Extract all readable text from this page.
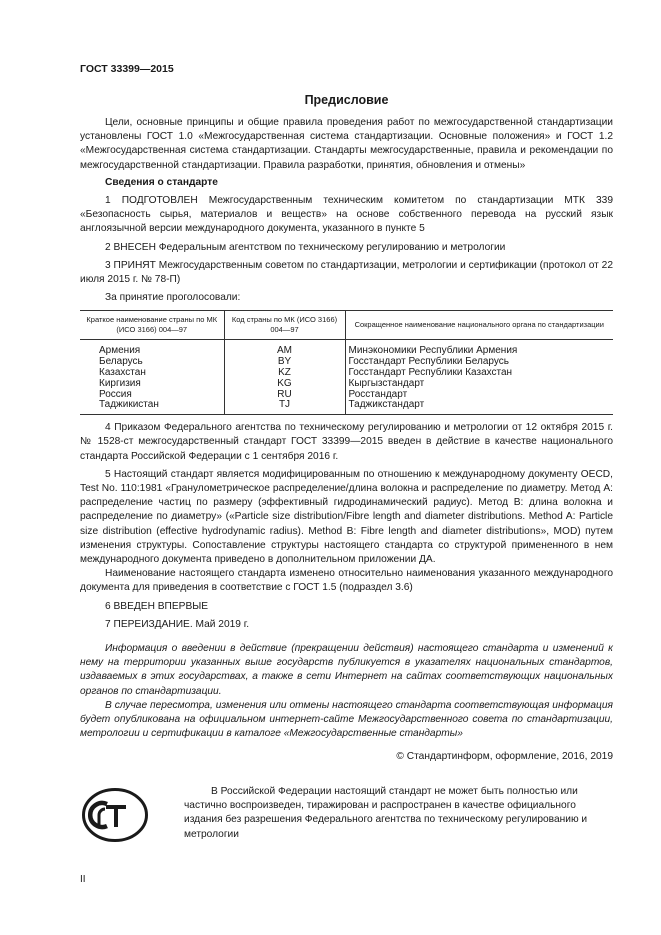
ГОСТ 33399—2015
Предисловие

Цели, основные принципы и общие правила проведения работ по межгосударственной стандартизации установлены ГОСТ 1.0 «Межгосударственная система стандартизации. Основные положения» и ГОСТ 1.2 «Межгосударственная система стандартизации. Стандарты межгосударственные, правила и рекомендации по межгосударственной стандартизации. Правила разработки, принятия, обновления и отмены»

Сведения о стандарте

1 ПОДГОТОВЛЕН Межгосударственным техническим комитетом по стандартизации МТК 339 «Безопасность сырья, материалов и веществ» на основе собственного перевода на русский язык англоязычной версии международного документа, указанного в пункте 5

2 ВНЕСЕН Федеральным агентством по техническому регулированию и метрологии

3 ПРИНЯТ Межгосударственным советом по стандартизации, метрологии и сертификации (протокол от 22 июля 2015 г. № 78-П)

За принятие проголосовали:

Краткое наименование страны по МК (ИСО 3166) 004—97	Код страны по МК (ИСО 3166) 004—97	Сокращенное наименование национального органа по стандартизации
Армения	AM	Минэкономики Республики Армения
Беларусь	BY	Госстандарт Республики Беларусь
Казахстан	KZ	Госстандарт Республики Казахстан
Киргизия	KG	Кыргызстандарт
Россия	RU	Росстандарт
Таджикистан	TJ	Таджикстандарт

4 Приказом Федерального агентства по техническому регулированию и метрологии от 12 октября 2015 г. № 1528-ст межгосударственный стандарт ГОСТ 33399—2015 введен в действие в качестве национального стандарта Российской Федерации с 1 сентября 2016 г.

5 Настоящий стандарт является модифицированным по отношению к международному документу OECD, Test No. 110:1981 «Гранулометрическое распределение/длина волокна и распределение по диаметру. Метод А: распределение частиц по размеру (эффективный гидродинамический радиус). Метод В: длина волокна и распределение по диаметру» («Particle size distribution/Fibre length and diameter distributions. Method A: Particle size distribution (effective hydrodynamic radius). Method B: Fibre length and diameter distributions», MOD) путем изменения структуры. Сопоставление структуры настоящего стандарта со структурой примененного в нем международного документа приведено в дополнительном приложении ДА.

Наименование настоящего стандарта изменено относительно наименования указанного международного документа для приведения в соответствие с ГОСТ 1.5 (подраздел 3.6)

6 ВВЕДЕН ВПЕРВЫЕ

7 ПЕРЕИЗДАНИЕ. Май 2019 г.

Информация о введении в действие (прекращении действия) настоящего стандарта и изменений к нему на территории указанных выше государств публикуется в указателях национальных стандартов, издаваемых в этих государствах, а также в сети Интернет на сайтах соответствующих национальных органов по стандартизации.

В случае пересмотра, изменения или отмены настоящего стандарта соответствующая информация будет опубликована на официальном интернет-сайте Межгосударственного совета по стандартизации, метрологии и сертификации в каталоге «Межгосударственные стандарты»

© Стандартинформ, оформление, 2016, 2019

В Российской Федерации настоящий стандарт не может быть полностью или частично воспроизведен, тиражирован и распространен в качестве официального издания без разрешения Федерального агентства по техническому регулированию и метрологии

II
